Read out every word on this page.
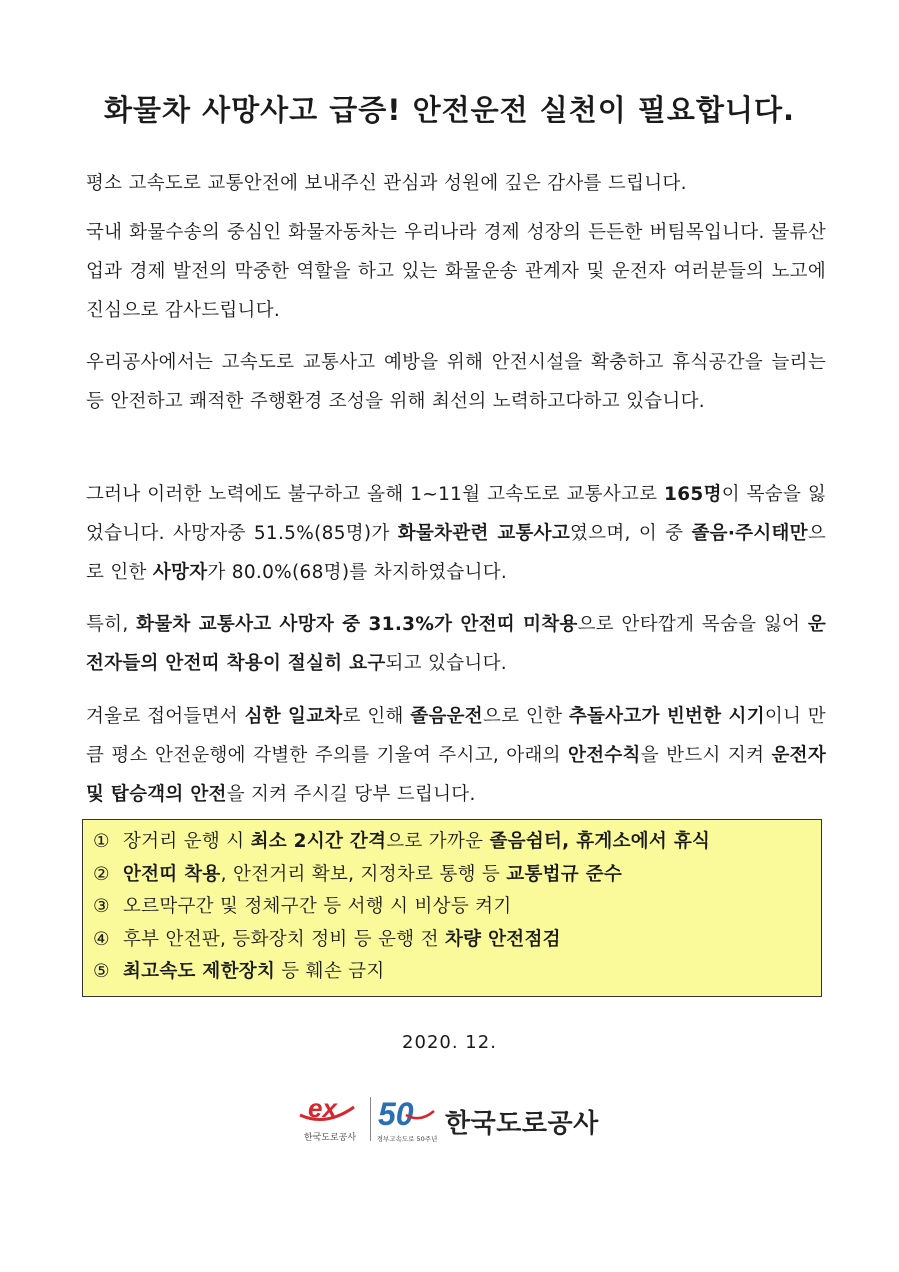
화물차 사망사고 급증! 안전운전 실천이 필요합니다.
평소 고속도로 교통안전에 보내주신 관심과 성원에 깊은 감사를 드립니다.
국내 화물수송의 중심인 화물자동차는 우리나라 경제 성장의 든든한 버팀목입니다. 물류산업과 경제 발전의 막중한 역할을 하고 있는 화물운송 관계자 및 운전자 여러분들의 노고에 진심으로 감사드립니다.
우리공사에서는 고속도로 교통사고 예방을 위해 안전시설을 확충하고 휴식공간을 늘리는 등 안전하고 쾌적한 주행환경 조성을 위해 최선의 노력하고다하고 있습니다.
그러나 이러한 노력에도 불구하고 올해 1~11월 고속도로 교통사고로 165명이 목숨을 잃었습니다. 사망자중 51.5%(85명)가 화물차관련 교통사고였으며, 이 중 졸음·주시태만으로 인한 사망자가 80.0%(68명)를 차지하였습니다.
특히, 화물차 교통사고 사망자 중 31.3%가 안전띠 미착용으로 안타깝게 목숨을 잃어 운전자들의 안전띠 착용이 절실히 요구되고 있습니다.
겨울로 접어들면서 심한 일교차로 인해 졸음운전으로 인한 추돌사고가 빈번한 시기이니 만큼 평소 안전운행에 각별한 주의를 기울여 주시고, 아래의 안전수칙을 반드시 지켜 운전자 및 탑승객의 안전을 지켜 주시길 당부 드립니다.
① 장거리 운행 시 최소 2시간 간격으로 가까운 졸음쉼터, 휴게소에서 휴식
② 안전띠 착용, 안전거리 확보, 지정차로 통행 등 교통법규 준수
③ 오르막구간 및 정체구간 등 서행 시 비상등 켜기
④ 후부 안전판, 등화장치 정비 등 운행 전 차량 안전점검
⑤ 최고속도 제한장치 등 훼손 금지
2020. 12.
ex
한국도로공사
50
경부고속도로 50주년 한국도로공사
